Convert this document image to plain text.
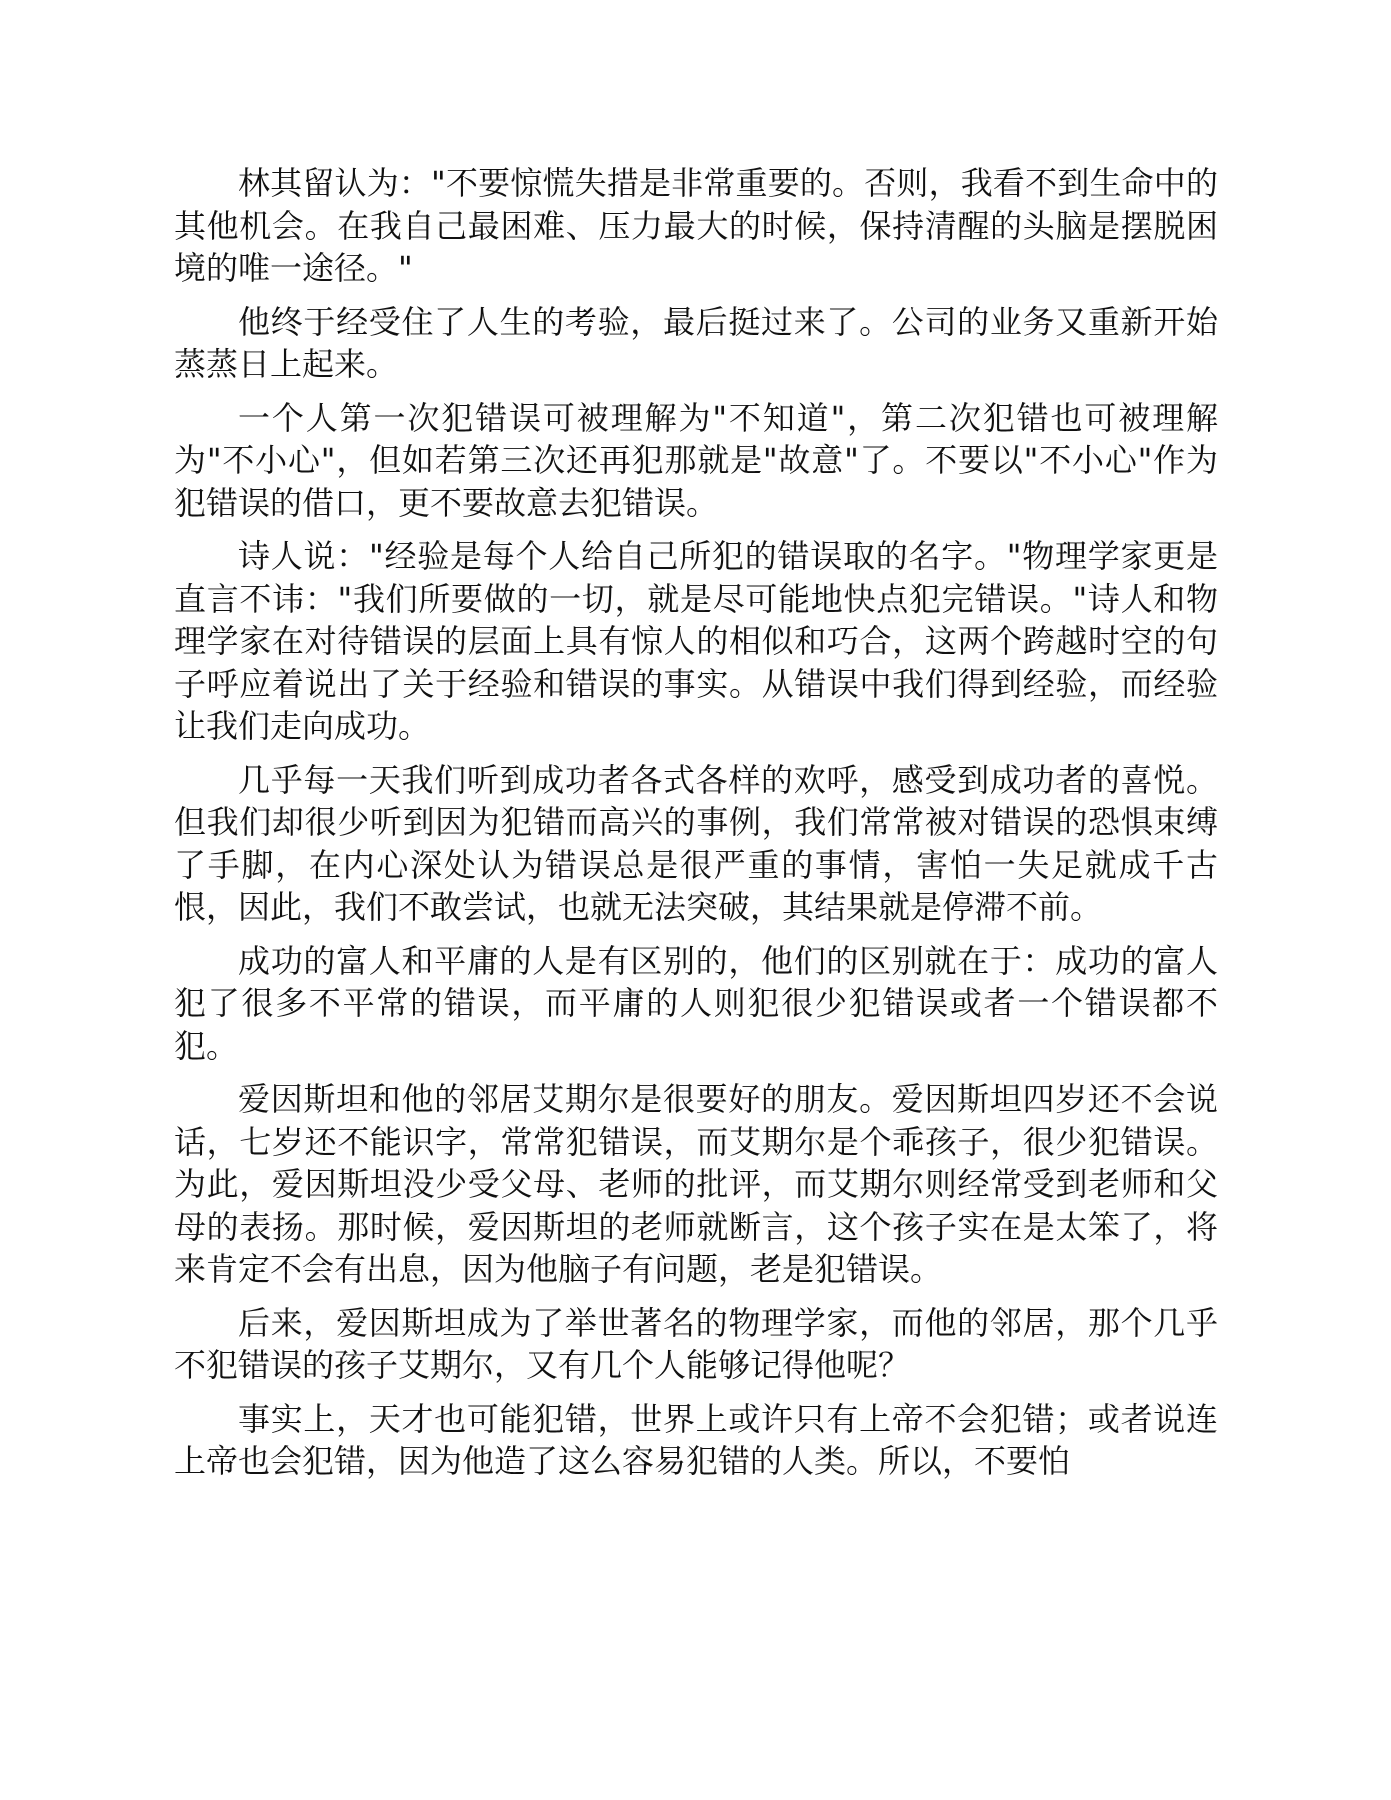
林其留认为："不要惊慌失措是非常重要的。否则，我看不到生命中的其他机会。在我自己最困难、压力最大的时候，保持清醒的头脑是摆脱困境的唯一途径。"

他终于经受住了人生的考验，最后挺过来了。公司的业务又重新开始蒸蒸日上起来。

一个人第一次犯错误可被理解为"不知道"，第二次犯错也可被理解为"不小心"，但如若第三次还再犯那就是"故意"了。不要以"不小心"作为犯错误的借口，更不要故意去犯错误。

诗人说："经验是每个人给自己所犯的错误取的名字。"物理学家更是直言不讳："我们所要做的一切，就是尽可能地快点犯完错误。"诗人和物理学家在对待错误的层面上具有惊人的相似和巧合，这两个跨越时空的句子呼应着说出了关于经验和错误的事实。从错误中我们得到经验，而经验让我们走向成功。

几乎每一天我们听到成功者各式各样的欢呼，感受到成功者的喜悦。但我们却很少听到因为犯错而高兴的事例，我们常常被对错误的恐惧束缚了手脚，在内心深处认为错误总是很严重的事情，害怕一失足就成千古恨，因此，我们不敢尝试，也就无法突破，其结果就是停滞不前。

成功的富人和平庸的人是有区别的，他们的区别就在于：成功的富人犯了很多不平常的错误，而平庸的人则犯很少犯错误或者一个错误都不犯。

爱因斯坦和他的邻居艾期尔是很要好的朋友。爱因斯坦四岁还不会说话，七岁还不能识字，常常犯错误，而艾期尔是个乖孩子，很少犯错误。为此，爱因斯坦没少受父母、老师的批评，而艾期尔则经常受到老师和父母的表扬。那时候，爱因斯坦的老师就断言，这个孩子实在是太笨了，将来肯定不会有出息，因为他脑子有问题，老是犯错误。

后来，爱因斯坦成为了举世著名的物理学家，而他的邻居，那个几乎不犯错误的孩子艾期尔，又有几个人能够记得他呢？

事实上，天才也可能犯错，世界上或许只有上帝不会犯错；或者说连上帝也会犯错，因为他造了这么容易犯错的人类。所以，不要怕
